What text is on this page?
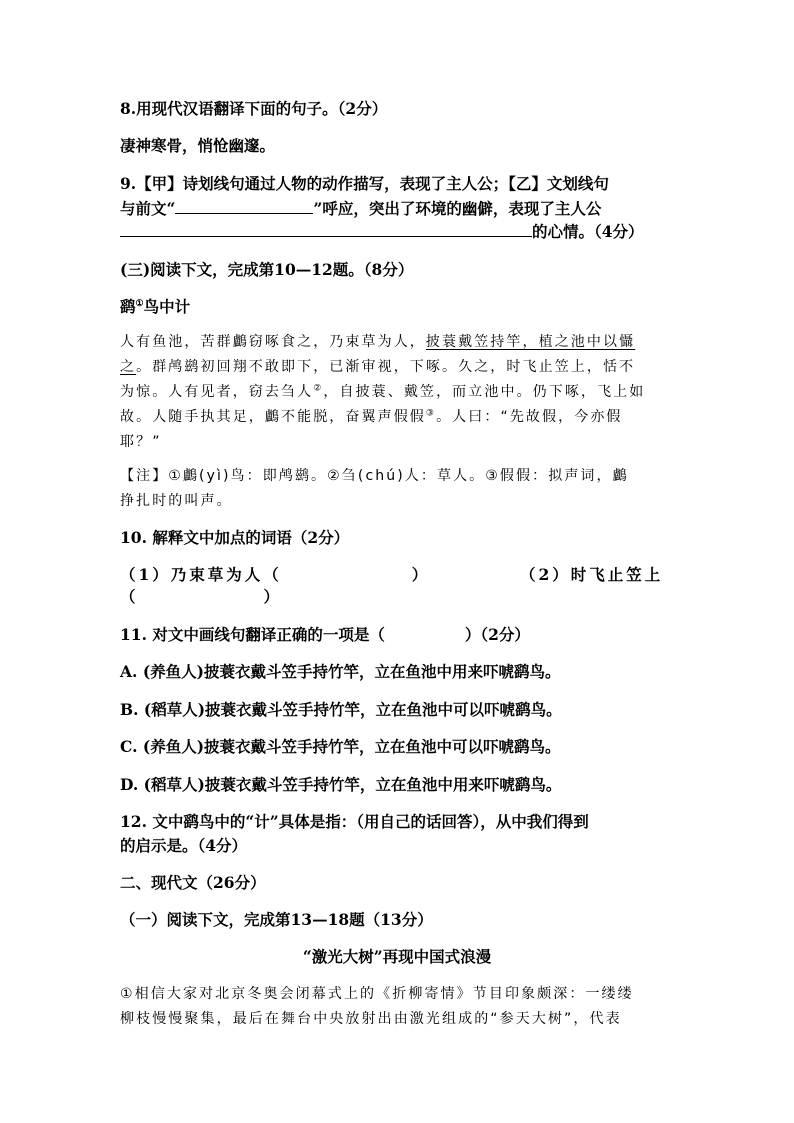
8.用现代汉语翻译下面的句子。（2分）
凄神寒骨，悄怆幽邃。
9.【甲】诗划线句通过人物的动作描写，表现了主人公；【乙】文划线句
与前文“	”呼应，突出了环境的幽僻，表现了主人公
的心情。（4分）
(三)阅读下文，完成第10—12题。（8分）
鹞①鸟中计
人有鱼池，苦群鸕窃啄食之，乃束草为人，披蓑戴笠持竿，植之池中以懾
之。群鸬鹚初回翔不敢即下，已渐审视，下啄。久之，时飞止笠上，恬不
为惊。人有见者，窃去刍人②，自披蓑、戴笠，而立池中。仍下啄，飞上如
故。人随手执其足，鸕不能脱，奋翼声假假③。人曰：“先故假，今亦假
耶？”
【注】①鸕(yì)鸟：即鸬鹚。②刍(chú)人：草人。③假假：拟声词，鸕
挣扎时的叫声。
10. 解释文中加点的词语（2分）
（1）乃束草为人（	）	（2）时飞止笠上
（	）
11. 对文中画线句翻译正确的一项是（	）（2分）
A. (养鱼人)披蓑衣戴斗笠手持竹竿，立在鱼池中用来吓唬鹞鸟。
B. (稻草人)披蓑衣戴斗笠手持竹竿，立在鱼池中可以吓唬鹞鸟。
C. (养鱼人)披蓑衣戴斗笠手持竹竿，立在鱼池中可以吓唬鹞鸟。
D. (稻草人)披蓑衣戴斗笠手持竹竿，立在鱼池中用来吓唬鹞鸟。
12. 文中鹞鸟中的“计”具体是指：（用自己的话回答），从中我们得到
的启示是。（4分）
二、现代文（26分）
（一）阅读下文，完成第13—18题（13分）
“激光大树”再现中国式浪漫
①相信大家对北京冬奥会闭幕式上的《折柳寄情》节目印象颇深：一缕缕
柳枝慢慢聚集，最后在舞台中央放射出由激光组成的“参天大树”，代表
